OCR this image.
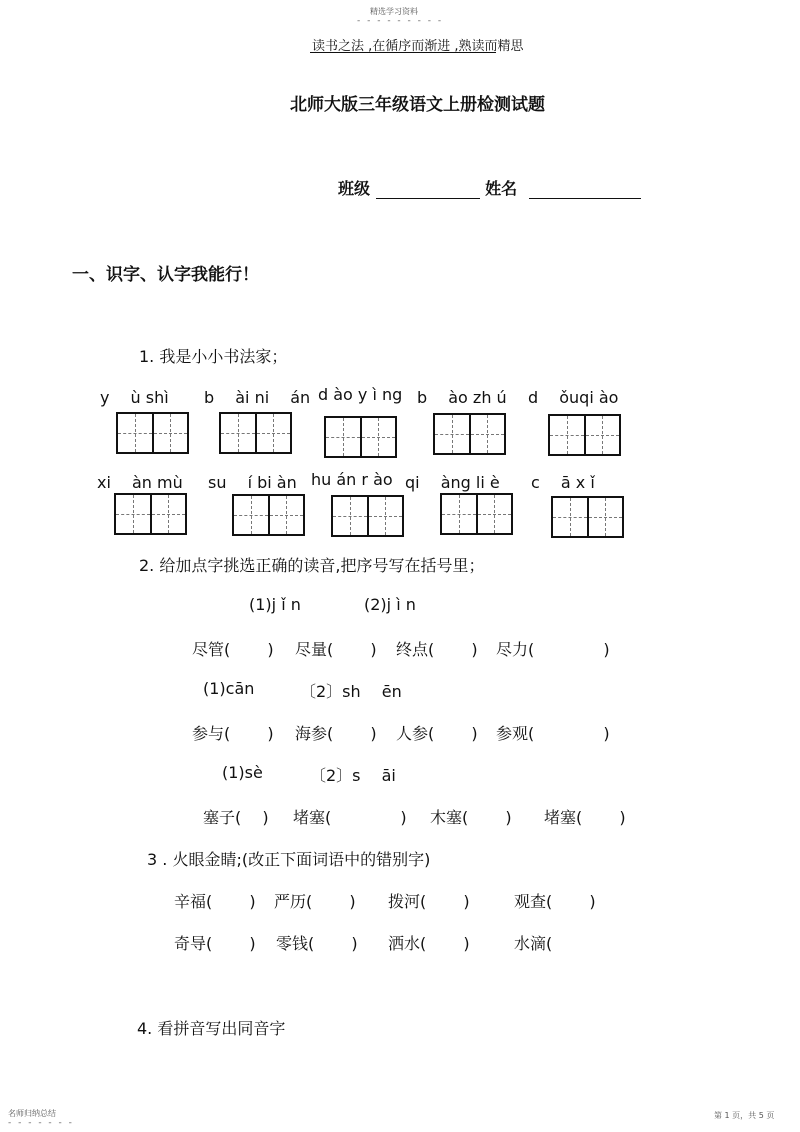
精选学习资料
- - - - - - - - -
读书之法 ,在循序而渐进 ,熟读而精思
北师大版三年级语文上册检测试题
班级	姓名
一、识字、认字我能行！
1. 我是小小书法家；
y　 ù shì b　 ài ni　 án d ào y ì ng b　 ào zh ú d　 ǒuqi ào
xi　 àn mù su　 í bi àn hu án r ào qi　 àng li è c　 ā x ǐ
2. 给加点字挑选正确的读音,把序号写在括号里；
(1)j ǐ n	(2)j ì n
尽管(　　 ) 尽量(　　 ) 终点(　　 ) 尽力(　　　　 )
(1)cān	〔2〕sh　 ēn
参与(　　 ) 海参(　　 ) 人参(　　 ) 参观(　　　　 )
(1)sè	〔2〕s　 āi
塞子(　 ) 堵塞(　　　　 ) 木塞(　　 ) 堵塞(　　 )
3 . 火眼金睛;(改正下面词语中的错别字)
辛福(　　 ) 严历(　　 ) 拨河(　　 )	观查(　　 )
奇导(　　 ) 零钱(　　 ) 洒水(　　 )	水滴(
4. 看拼音写出同音字
名师归纳总结
- - - - - - -
第 1 页，共 5 页
